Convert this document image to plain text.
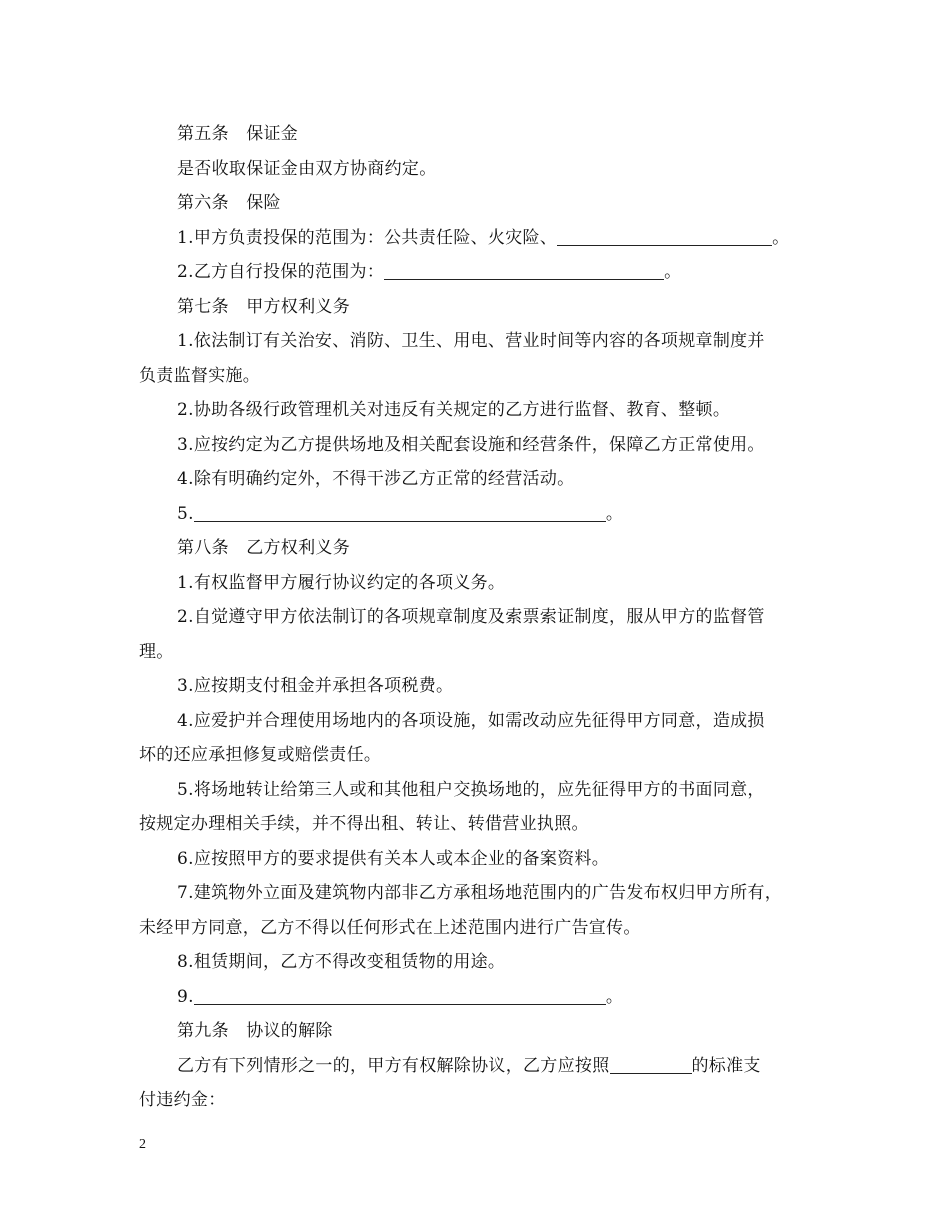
第五条　保证金
是否收取保证金由双方协商约定。
第六条　保险
1.甲方负责投保的范围为：公共责任险、火灾险、	。
2.乙方自行投保的范围为：	。
第七条　甲方权利义务
1.依法制订有关治安、消防、卫生、用电、营业时间等内容的各项规章制度并
负责监督实施。
2.协助各级行政管理机关对违反有关规定的乙方进行监督、教育、整顿。
3.应按约定为乙方提供场地及相关配套设施和经营条件，保障乙方正常使用。
4.除有明确约定外，不得干涉乙方正常的经营活动。
5.	。
第八条　乙方权利义务
1.有权监督甲方履行协议约定的各项义务。
2.自觉遵守甲方依法制订的各项规章制度及索票索证制度，服从甲方的监督管
理。
3.应按期支付租金并承担各项税费。
4.应爱护并合理使用场地内的各项设施，如需改动应先征得甲方同意，造成损
坏的还应承担修复或赔偿责任。
5.将场地转让给第三人或和其他租户交换场地的，应先征得甲方的书面同意，
按规定办理相关手续，并不得出租、转让、转借营业执照。
6.应按照甲方的要求提供有关本人或本企业的备案资料。
7.建筑物外立面及建筑物内部非乙方承租场地范围内的广告发布权归甲方所有，
未经甲方同意，乙方不得以任何形式在上述范围内进行广告宣传。
8.租赁期间，乙方不得改变租赁物的用途。
9.	。
第九条　协议的解除
乙方有下列情形之一的，甲方有权解除协议，乙方应按照	的标准支
付违约金：
2
